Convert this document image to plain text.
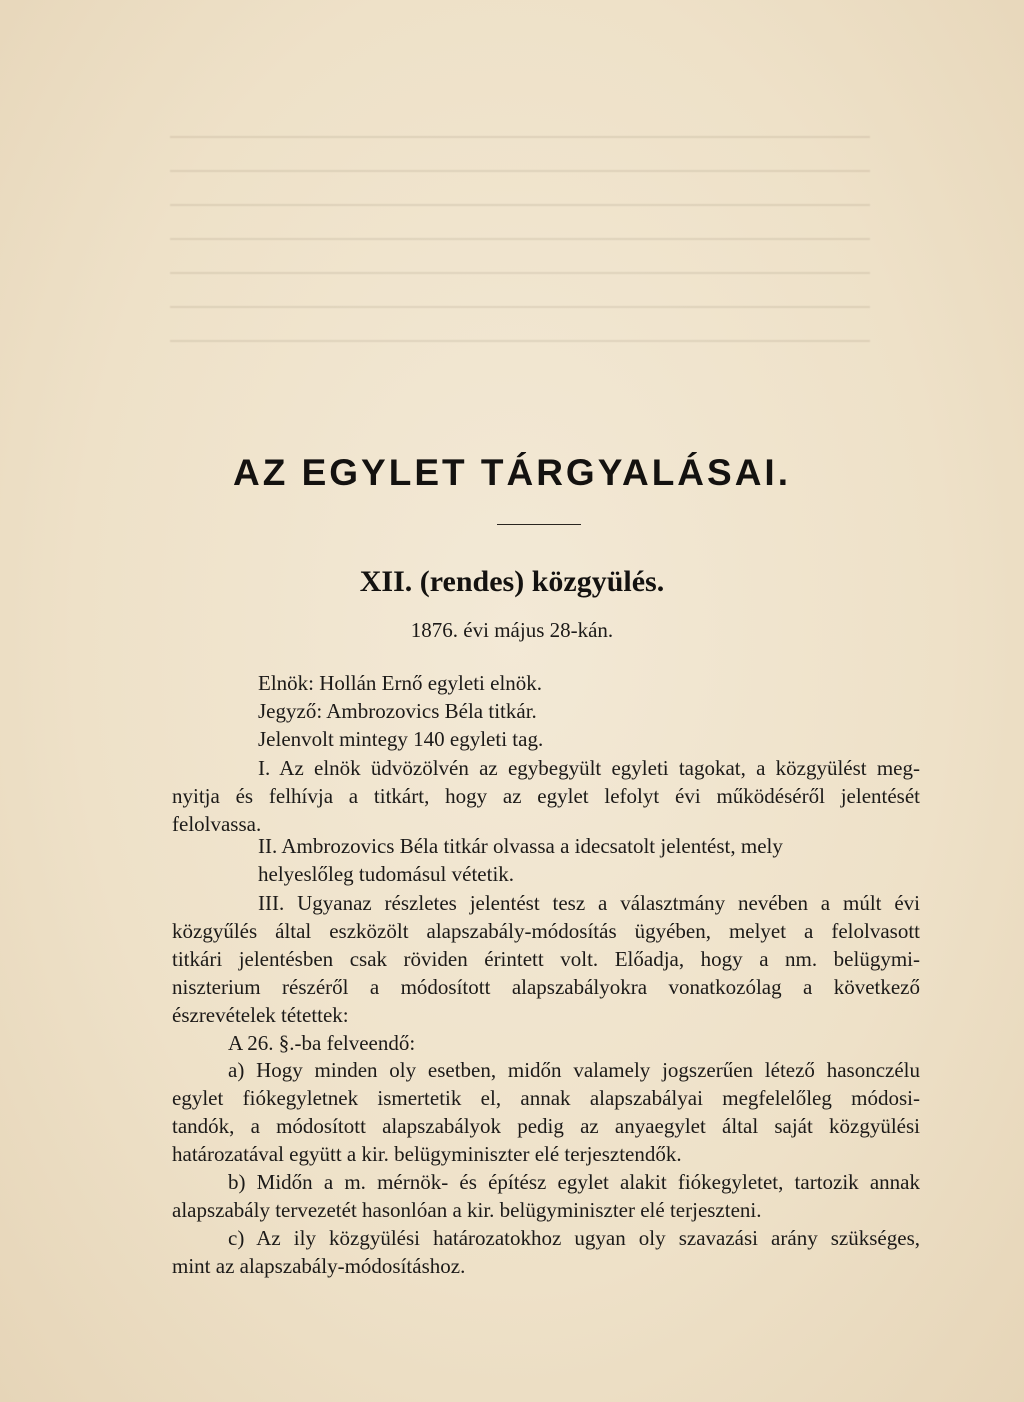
AZ EGYLET TÁRGYALÁSAI.
XII. (rendes) közgyülés.
1876. évi május 28-kán.
Elnök: Hollán Ernő egyleti elnök.
Jegyző: Ambrozovics Béla titkár.
Jelenvolt mintegy 140 egyleti tag.
I. Az elnök üdvözölvén az egybegyült egyleti tagokat, a közgyülést meg-
nyitja és felhívja a titkárt, hogy az egylet lefolyt évi működéséről jelentését
felolvassa.
II. Ambrozovics Béla titkár olvassa a idecsatolt jelentést, mely
helyeslőleg tudomásul vétetik.
III. Ugyanaz részletes jelentést tesz a választmány nevében a múlt évi
közgyűlés által eszközölt alapszabály-módosítás ügyében, melyet a felolvasott
titkári jelentésben csak röviden érintett volt. Előadja, hogy a nm. belügymi-
niszterium részéről a módosított alapszabályokra vonatkozólag a következő
észrevételek tétettek:
A 26. §.-ba felveendő:
a) Hogy minden oly esetben, midőn valamely jogszerűen létező hasonczélu
egylet fiókegyletnek ismertetik el, annak alapszabályai megfelelőleg módosi-
tandók, a módosított alapszabályok pedig az anyaegylet által saját közgyülési
határozatával együtt a kir. belügyminiszter elé terjesztendők.
b) Midőn a m. mérnök- és építész egylet alakit fiókegyletet, tartozik annak
alapszabály tervezetét hasonlóan a kir. belügyminiszter elé terjeszteni.
c) Az ily közgyülési határozatokhoz ugyan oly szavazási arány szükséges,
mint az alapszabály-módosításhoz.
